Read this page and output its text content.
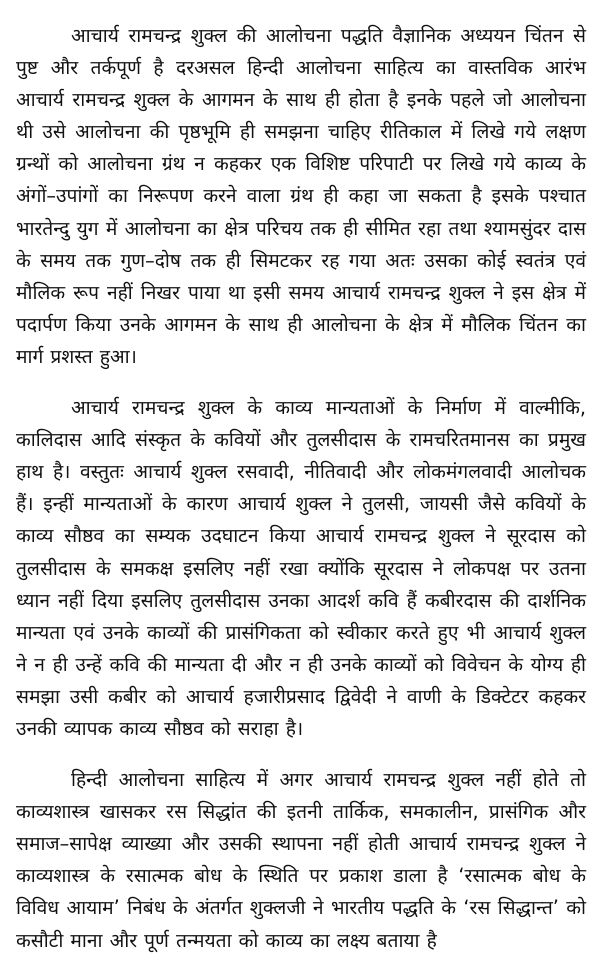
आचार्य रामचन्द्र शुक्ल की आलोचना पद्धति वैज्ञानिक अध्ययन चिंतन से पुष्ट और तर्कपूर्ण है दरअसल हिन्दी आलोचना साहित्य का वास्तविक आरंभ आचार्य रामचन्द्र शुक्ल के आगमन के साथ ही होता है इनके पहले जो आलोचना थी उसे आलोचना की पृष्ठभूमि ही समझना चाहिए रीतिकाल में लिखे गये लक्षण ग्रन्थों को आलोचना ग्रंथ न कहकर एक विशिष्ट परिपाटी पर लिखे गये काव्य के अंगों–उपांगों का निरूपण करने वाला ग्रंथ ही कहा जा सकता है इसके पश्चात भारतेन्दु युग में आलोचना का क्षेत्र परिचय तक ही सीमित रहा तथा श्यामसुंदर दास के समय तक गुण–दोष तक ही सिमटकर रह गया अतः उसका कोई स्वतंत्र एवं मौलिक रूप नहीं निखर पाया था इसी समय आचार्य रामचन्द्र शुक्ल ने इस क्षेत्र में पदार्पण किया उनके आगमन के साथ ही आलोचना के क्षेत्र में मौलिक चिंतन का मार्ग प्रशस्त हुआ।

आचार्य रामचन्द्र शुक्ल के काव्य मान्यताओं के निर्माण में वाल्मीकि, कालिदास आदि संस्कृत के कवियों और तुलसीदास के रामचरितमानस का प्रमुख हाथ है। वस्तुतः आचार्य शुक्ल रसवादी, नीतिवादी और लोकमंगलवादी आलोचक हैं। इन्हीं मान्यताओं के कारण आचार्य शुक्ल ने तुलसी, जायसी जैसे कवियों के काव्य सौष्ठव का सम्यक उदघाटन किया आचार्य रामचन्द्र शुक्ल ने सूरदास को तुलसीदास के समकक्ष इसलिए नहीं रखा क्योंकि सूरदास ने लोकपक्ष पर उतना ध्यान नहीं दिया इसलिए तुलसीदास उनका आदर्श कवि हैं कबीरदास की दार्शनिक मान्यता एवं उनके काव्यों की प्रासंगिकता को स्वीकार करते हुए भी आचार्य शुक्ल ने न ही उन्हें कवि की मान्यता दी और न ही उनके काव्यों को विवेचन के योग्य ही समझा उसी कबीर को आचार्य हजारीप्रसाद द्विवेदी ने वाणी के डिक्टेटर कहकर उनकी व्यापक काव्य सौष्ठव को सराहा है।

हिन्दी आलोचना साहित्य में अगर आचार्य रामचन्द्र शुक्ल नहीं होते तो काव्यशास्त्र खासकर रस सिद्धांत की इतनी तार्किक, समकालीन, प्रासंगिक और समाज–सापेक्ष व्याख्या और उसकी स्थापना नहीं होती आचार्य रामचन्द्र शुक्ल ने काव्यशास्त्र के रसात्मक बोध के स्थिति पर प्रकाश डाला है ‘रसात्मक बोध के विविध आयाम’ निबंध के अंतर्गत शुक्लजी ने भारतीय पद्धति के ‘रस सिद्धान्त’ को कसौटी माना और पूर्ण तन्मयता को काव्य का लक्ष्य बताया है
